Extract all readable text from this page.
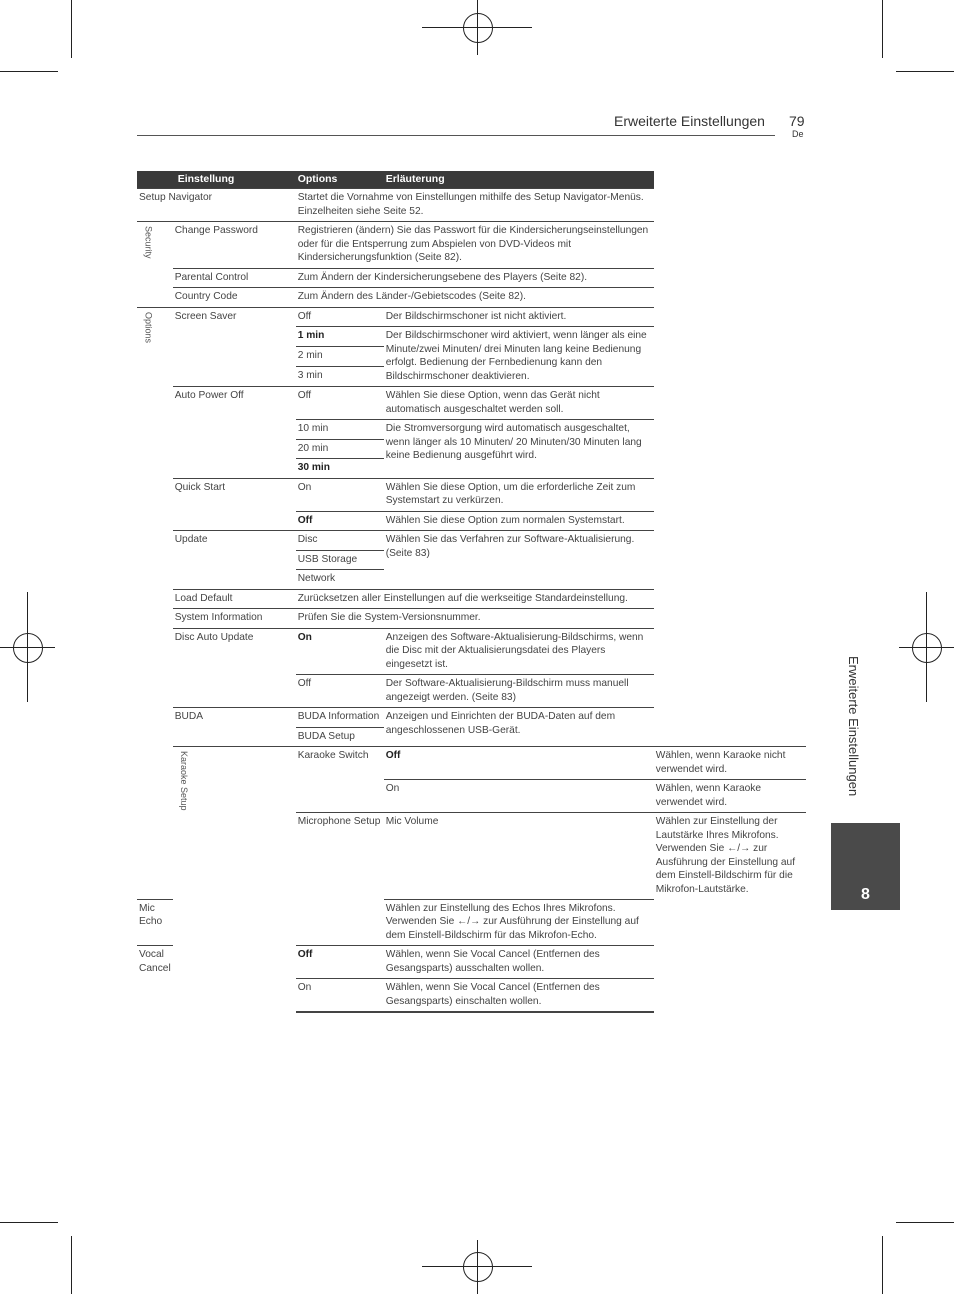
Erweiterte Einstellungen 79
De
Erweiterte Einstellungen
8
	Einstellung	Options	Erläuterung	
Setup Navigator		Startet die Vornahme von Einstellungen mithilfe des Setup Navigator-Menüs. Einzelheiten siehe Seite 52.		

Security	Change Password	Registrieren (ändern) Sie das Passwort für die Kindersicherungseinstellungen oder für die Entsperrung zum Abspielen von DVD-Videos mit Kindersicherungsfunktion (Seite 82).		
	Parental Control	Zum Ändern der Kindersicherungsebene des Players (Seite 82).		
	Country Code	Zum Ändern des Länder-/Gebietscodes (Seite 82).		

Options	Screen Saver	Off	Der Bildschirmschoner ist nicht aktiviert.	
		1 min	Der Bildschirmschoner wird aktiviert, wenn länger als eine Minute/zwei Minuten/ drei Minuten lang keine Bedienung erfolgt. Bedienung der Fernbedienung kann den Bildschirmschoner deaktivieren.	
		2 min		
		3 min		
	Auto Power Off	Off	Wählen Sie diese Option, wenn das Gerät nicht automatisch ausgeschaltet werden soll.	
		10 min	Die Stromversorgung wird automatisch ausgeschaltet, wenn länger als 10 Minuten/ 20 Minuten/30 Minuten lang keine Bedienung ausgeführt wird.	
		20 min		
		30 min		
	Quick Start	On	Wählen Sie diese Option, um die erforderliche Zeit zum Systemstart zu verkürzen.	
		Off	Wählen Sie diese Option zum normalen Systemstart.	
	Update	Disc	Wählen Sie das Verfahren zur Software-Aktualisierung. (Seite 83)	
		USB Storage		
		Network		
	Load Default	Zurücksetzen aller Einstellungen auf die werkseitige Standardeinstellung.		
	System Information	Prüfen Sie die System-Versionsnummer.		
	Disc Auto Update	On	Anzeigen des Software-Aktualisierung-Bildschirms, wenn die Disc mit der Aktualisierungsdatei des Players eingesetzt ist.	
		Off	Der Software-Aktualisierung-Bildschirm muss manuell angezeigt werden. (Seite 83)	
	BUDA	BUDA Information	Anzeigen und Einrichten der BUDA-Daten auf dem angeschlossenen USB-Gerät.	
		BUDA Setup		

	Karaoke Setup	Karaoke Switch	Off	Wählen, wenn Karaoke nicht verwendet wird.
			On	Wählen, wenn Karaoke verwendet wird.
		Microphone Setup	Mic Volume	Wählen zur Einstellung der Lautstärke Ihres Mikrofons.
Verwenden Sie ←/→ zur Ausführung der Einstellung auf dem Einstell-Bildschirm für die Mikrofon-Lautstärke.

Mic Echo			Wählen zur Einstellung des Echos Ihres Mikrofons.
Verwenden Sie ←/→ zur Ausführung der Einstellung auf dem Einstell-Bildschirm für das Mikrofon-Echo.	

Vocal Cancel		Off	Wählen, wenn Sie Vocal Cancel (Entfernen des Gesangsparts) ausschalten wollen.	
		On	Wählen, wenn Sie Vocal Cancel (Entfernen des Gesangsparts) einschalten wollen.	
